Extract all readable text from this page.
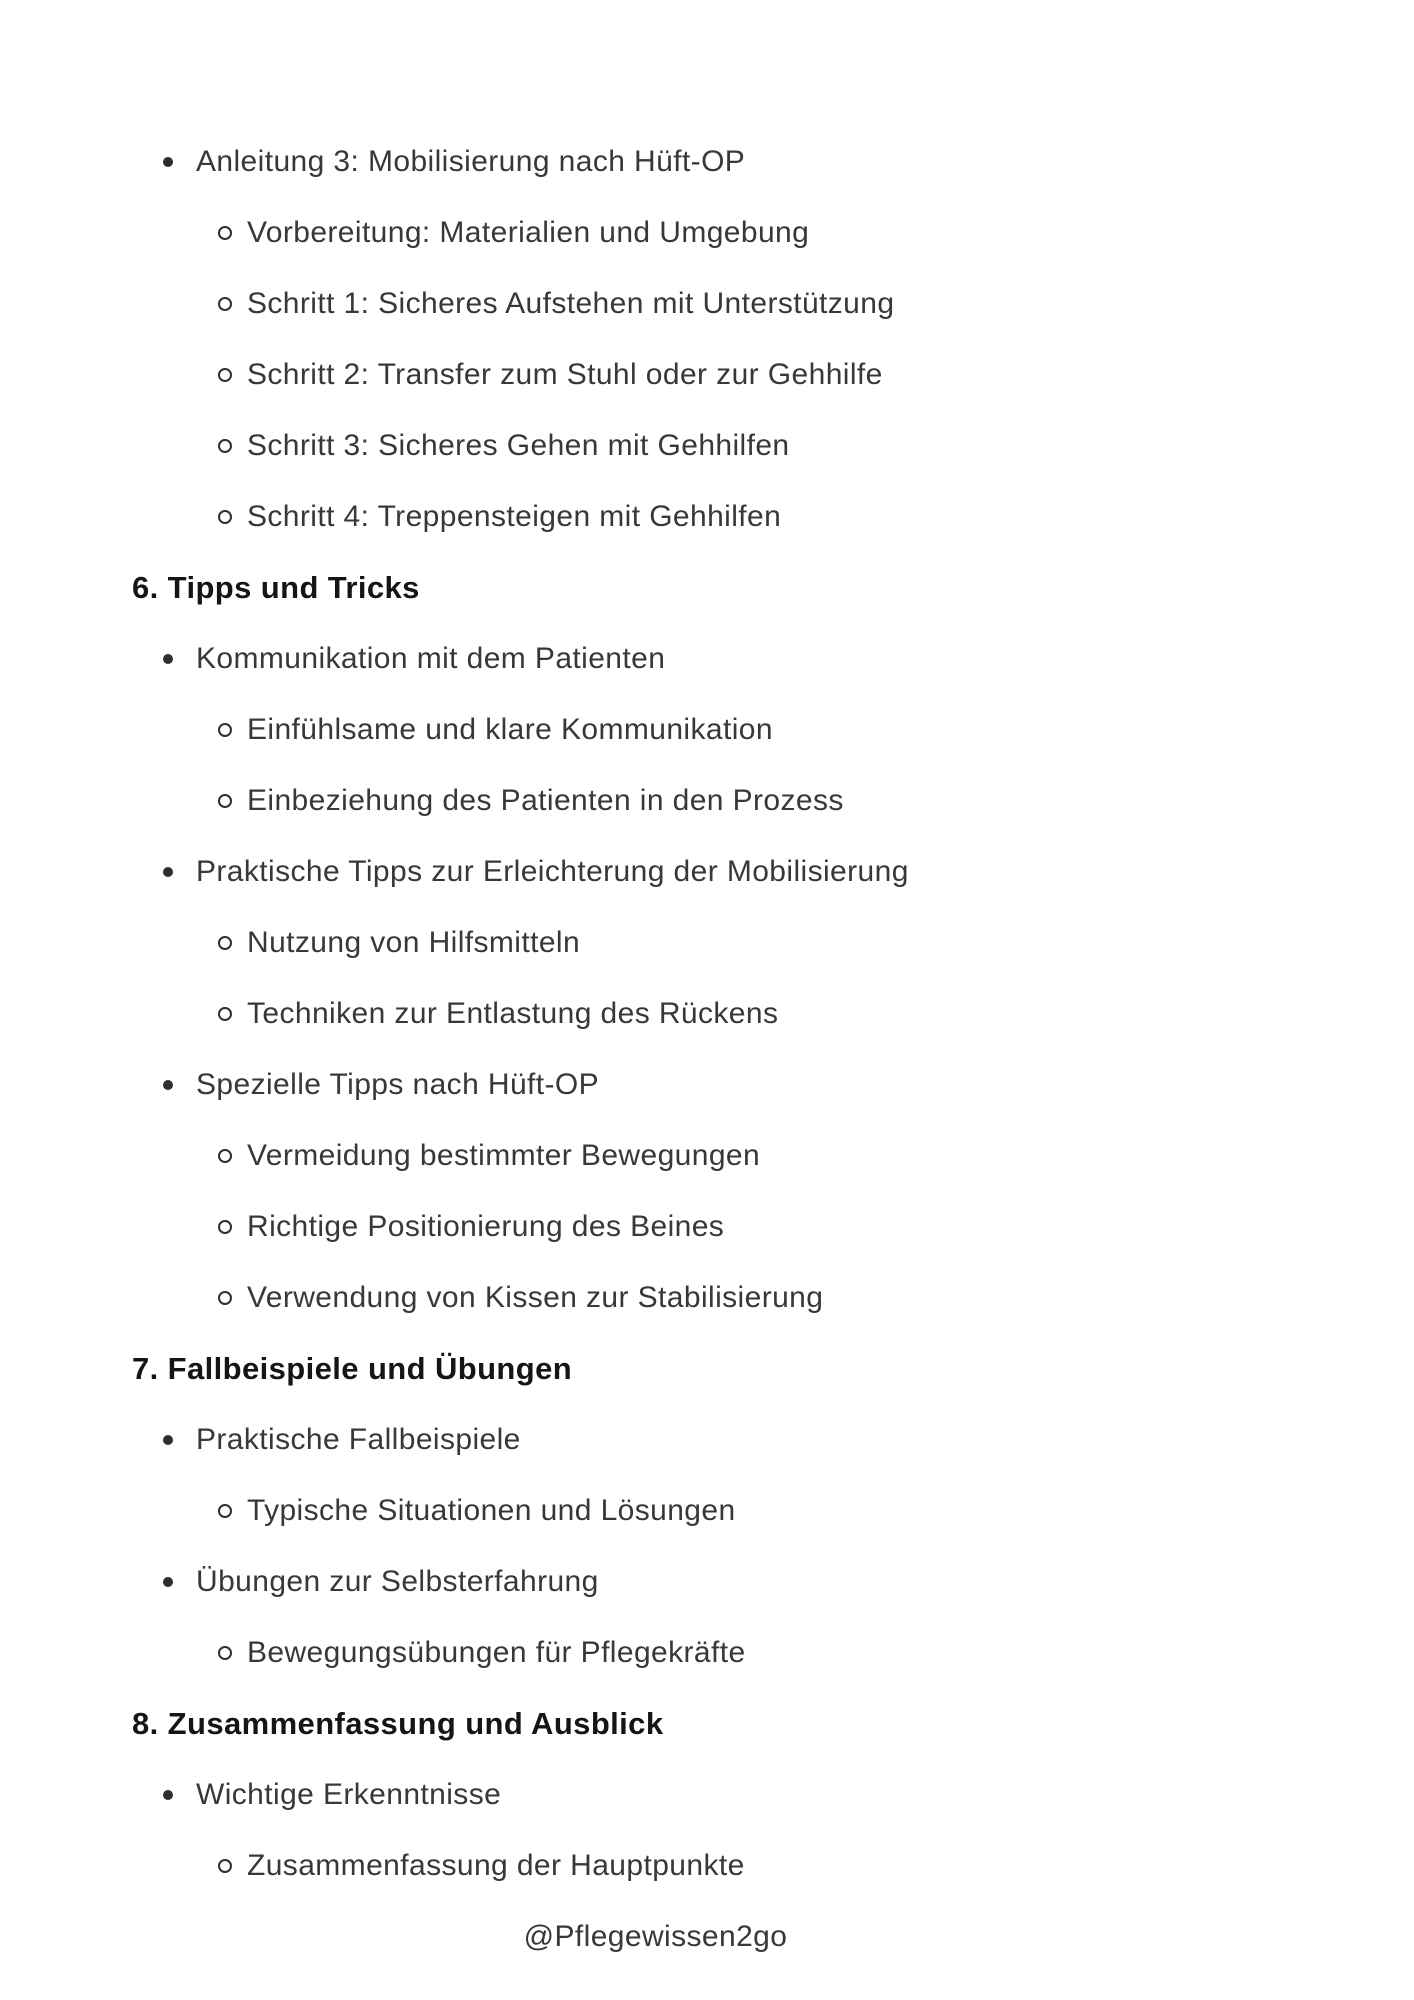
Anleitung 3: Mobilisierung nach Hüft-OP
Vorbereitung: Materialien und Umgebung
Schritt 1: Sicheres Aufstehen mit Unterstützung
Schritt 2: Transfer zum Stuhl oder zur Gehhilfe
Schritt 3: Sicheres Gehen mit Gehhilfen
Schritt 4: Treppensteigen mit Gehhilfen
6. Tipps und Tricks
Kommunikation mit dem Patienten
Einfühlsame und klare Kommunikation
Einbeziehung des Patienten in den Prozess
Praktische Tipps zur Erleichterung der Mobilisierung
Nutzung von Hilfsmitteln
Techniken zur Entlastung des Rückens
Spezielle Tipps nach Hüft-OP
Vermeidung bestimmter Bewegungen
Richtige Positionierung des Beines
Verwendung von Kissen zur Stabilisierung
7. Fallbeispiele und Übungen
Praktische Fallbeispiele
Typische Situationen und Lösungen
Übungen zur Selbsterfahrung
Bewegungsübungen für Pflegekräfte
8. Zusammenfassung und Ausblick
Wichtige Erkenntnisse
Zusammenfassung der Hauptpunkte
@Pflegewissen2go
